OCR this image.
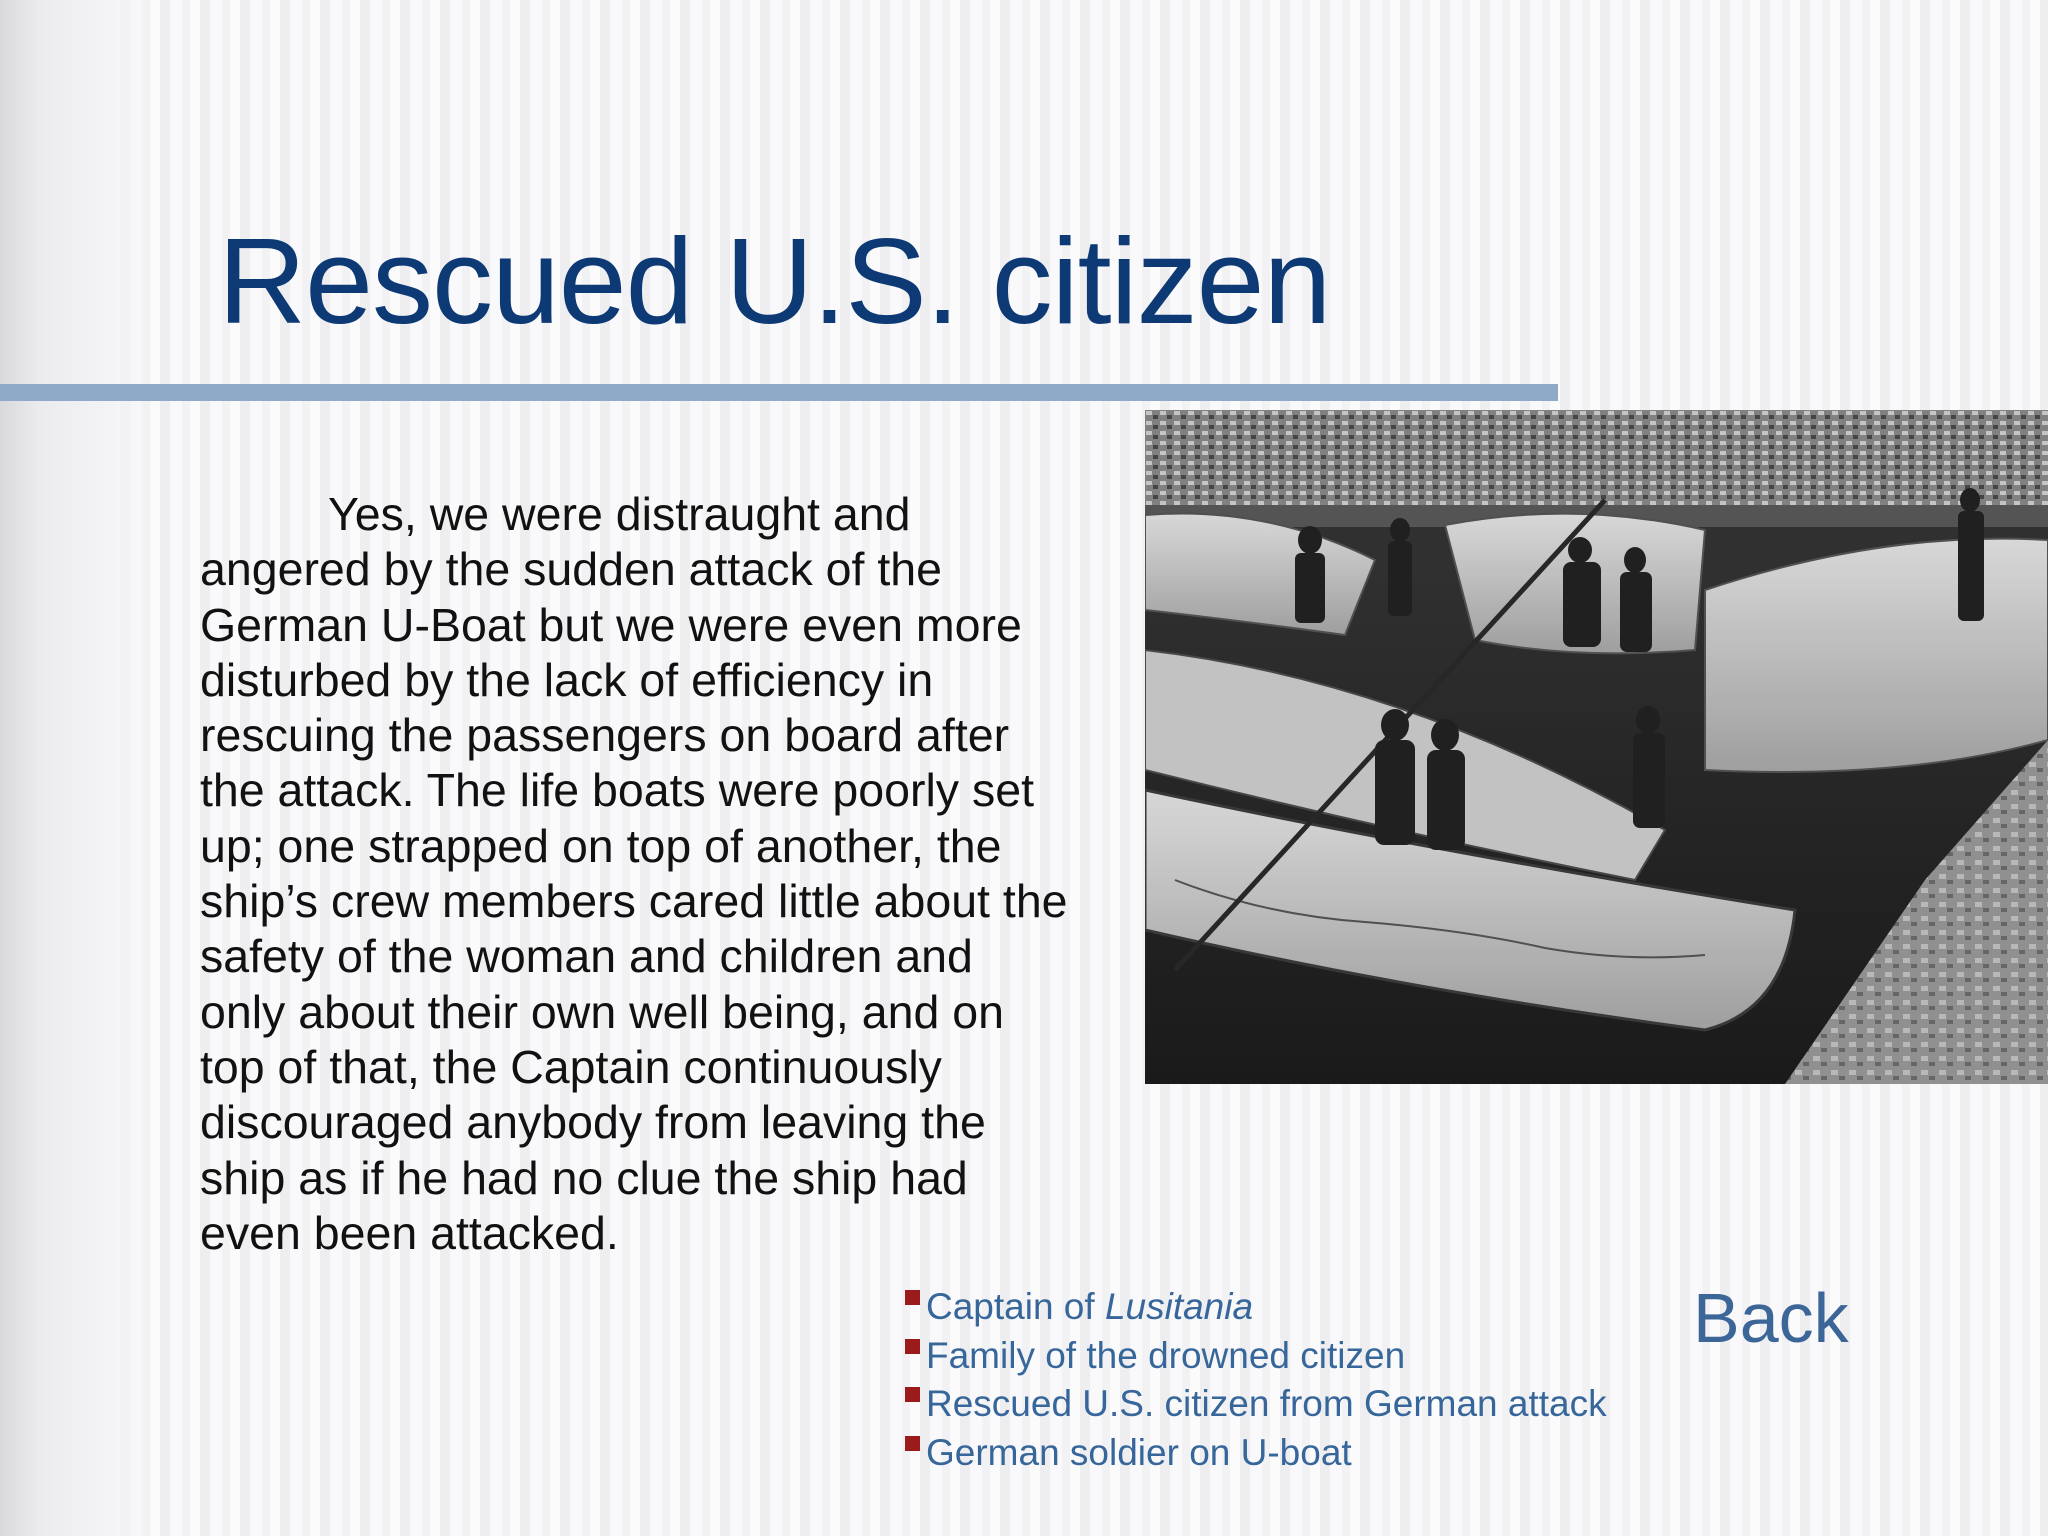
Rescued U.S. citizen

Yes, we were distraught and angered by the sudden attack of the German U-Boat but we were even more disturbed by the lack of efficiency in rescuing the passengers on board after the attack. The life boats were poorly set up; one strapped on top of another, the ship’s crew members cared little about the safety of the woman and children and only about their own well being, and on top of that, the Captain continuously discouraged anybody from leaving the ship as if he had no clue the ship had even been attacked.

Captain of Lusitania
Family of the drowned citizen
Rescued U.S. citizen from German attack
German soldier on U-boat
Back
